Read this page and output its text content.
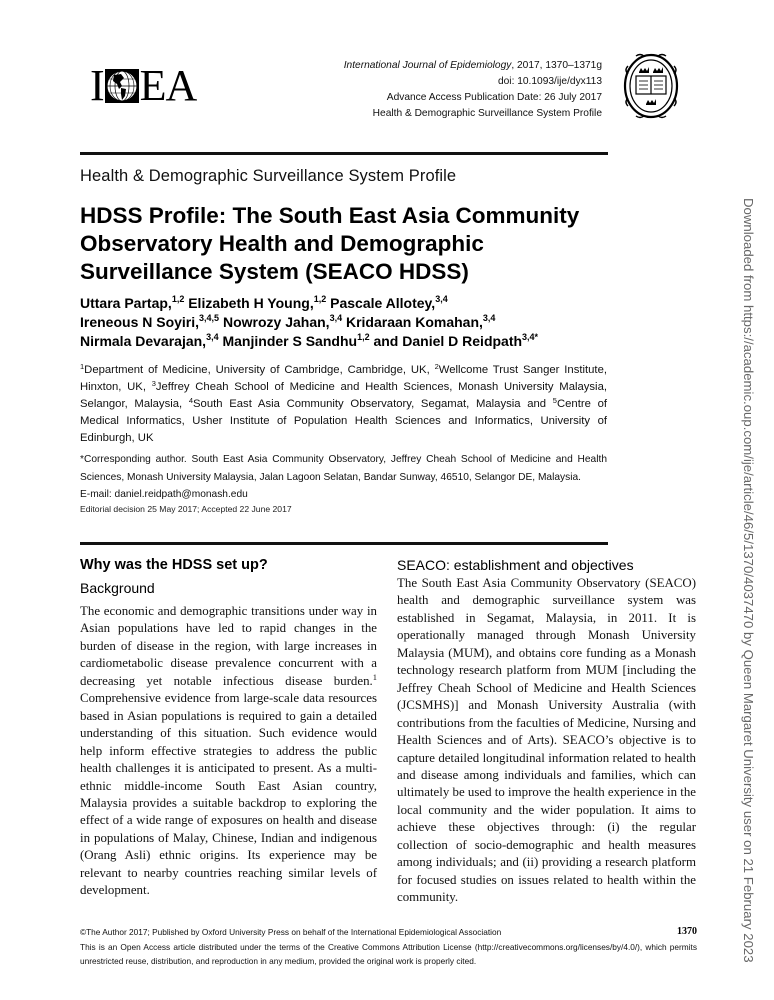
I EA	International Journal of Epidemiology, 2017, 1370–1371g
doi: 10.1093/ije/dyx113
Advance Access Publication Date: 26 July 2017
Health & Demographic Surveillance System Profile
Health & Demographic Surveillance System Profile
HDSS Profile: The South East Asia Community Observatory Health and Demographic Surveillance System (SEACO HDSS)
Uttara Partap,$^{1,2}$ Elizabeth H Young,$^{1,2}$ Pascale Allotey,$^{3,4}$
Ireneous N Soyiri,$^{3,4,5}$ Nowrozy Jahan,$^{3,4}$ Kridaraan Komahan,$^{3,4}$
Nirmala Devarajan,$^{3,4}$ Manjinder S Sandhu$^{1,2}$ and Daniel D Reidpath$^{3,4*}$
$^1$Department of Medicine, University of Cambridge, Cambridge, UK, $^2$Wellcome Trust Sanger Institute, Hinxton, UK, $^3$Jeffrey Cheah School of Medicine and Health Sciences, Monash University Malaysia, Selangor, Malaysia, $^4$South East Asia Community Observatory, Segamat, Malaysia and $^5$Centre of Medical Informatics, Usher Institute of Population Health Sciences and Informatics, University of Edinburgh, UK
*Corresponding author. South East Asia Community Observatory, Jeffrey Cheah School of Medicine and Health Sciences, Monash University Malaysia, Jalan Lagoon Selatan, Bandar Sunway, 46510, Selangor DE, Malaysia.
E-mail: daniel.reidpath@monash.edu
Editorial decision 25 May 2017; Accepted 22 June 2017
Why was the HDSS set up?
Background
The economic and demographic transitions under way in Asian populations have led to rapid changes in the burden of disease in the region, with large increases in cardiometabolic disease prevalence concurrent with a decreasing yet notable infectious disease burden.$^1$ Comprehensive evidence from large-scale data resources based in Asian populations is required to gain a detailed understanding of this situation. Such evidence would help inform effective strategies to address the public health challenges it is anticipated to present. As a multi-ethnic middle-income South East Asian country, Malaysia provides a suitable backdrop to exploring the effect of a wide range of exposures on health and disease in populations of Malay, Chinese, Indian and indigenous (Orang Asli) ethnic origins. Its experience may be relevant to nearby countries reaching similar levels of development.
SEACO: establishment and objectives
The South East Asia Community Observatory (SEACO) health and demographic surveillance system was established in Segamat, Malaysia, in 2011. It is operationally managed through Monash University Malaysia (MUM), and obtains core funding as a Monash technology research platform from MUM [including the Jeffrey Cheah School of Medicine and Health Sciences (JCSMHS)] and Monash University Australia (with contributions from the faculties of Medicine, Nursing and Health Sciences and of Arts). SEACO’s objective is to capture detailed longitudinal information related to health and disease among individuals and families, which can ultimately be used to improve the health experience in the local community and the wider population. It aims to achieve these objectives through: (i) the regular collection of socio-demographic and health measures among individuals; and (ii) providing a research platform for focused studies on issues related to health within the community.
©The Author 2017; Published by Oxford University Press on behalf of the International Epidemiological Association	1370
This is an Open Access article distributed under the terms of the Creative Commons Attribution License (http://creativecommons.org/licenses/by/4.0/), which permits unrestricted reuse, distribution, and reproduction in any medium, provided the original work is properly cited.	Downloaded from https://academic.oup.com/ije/article/46/5/1370/4037470 by Queen Margaret University user on 21 February 2023
